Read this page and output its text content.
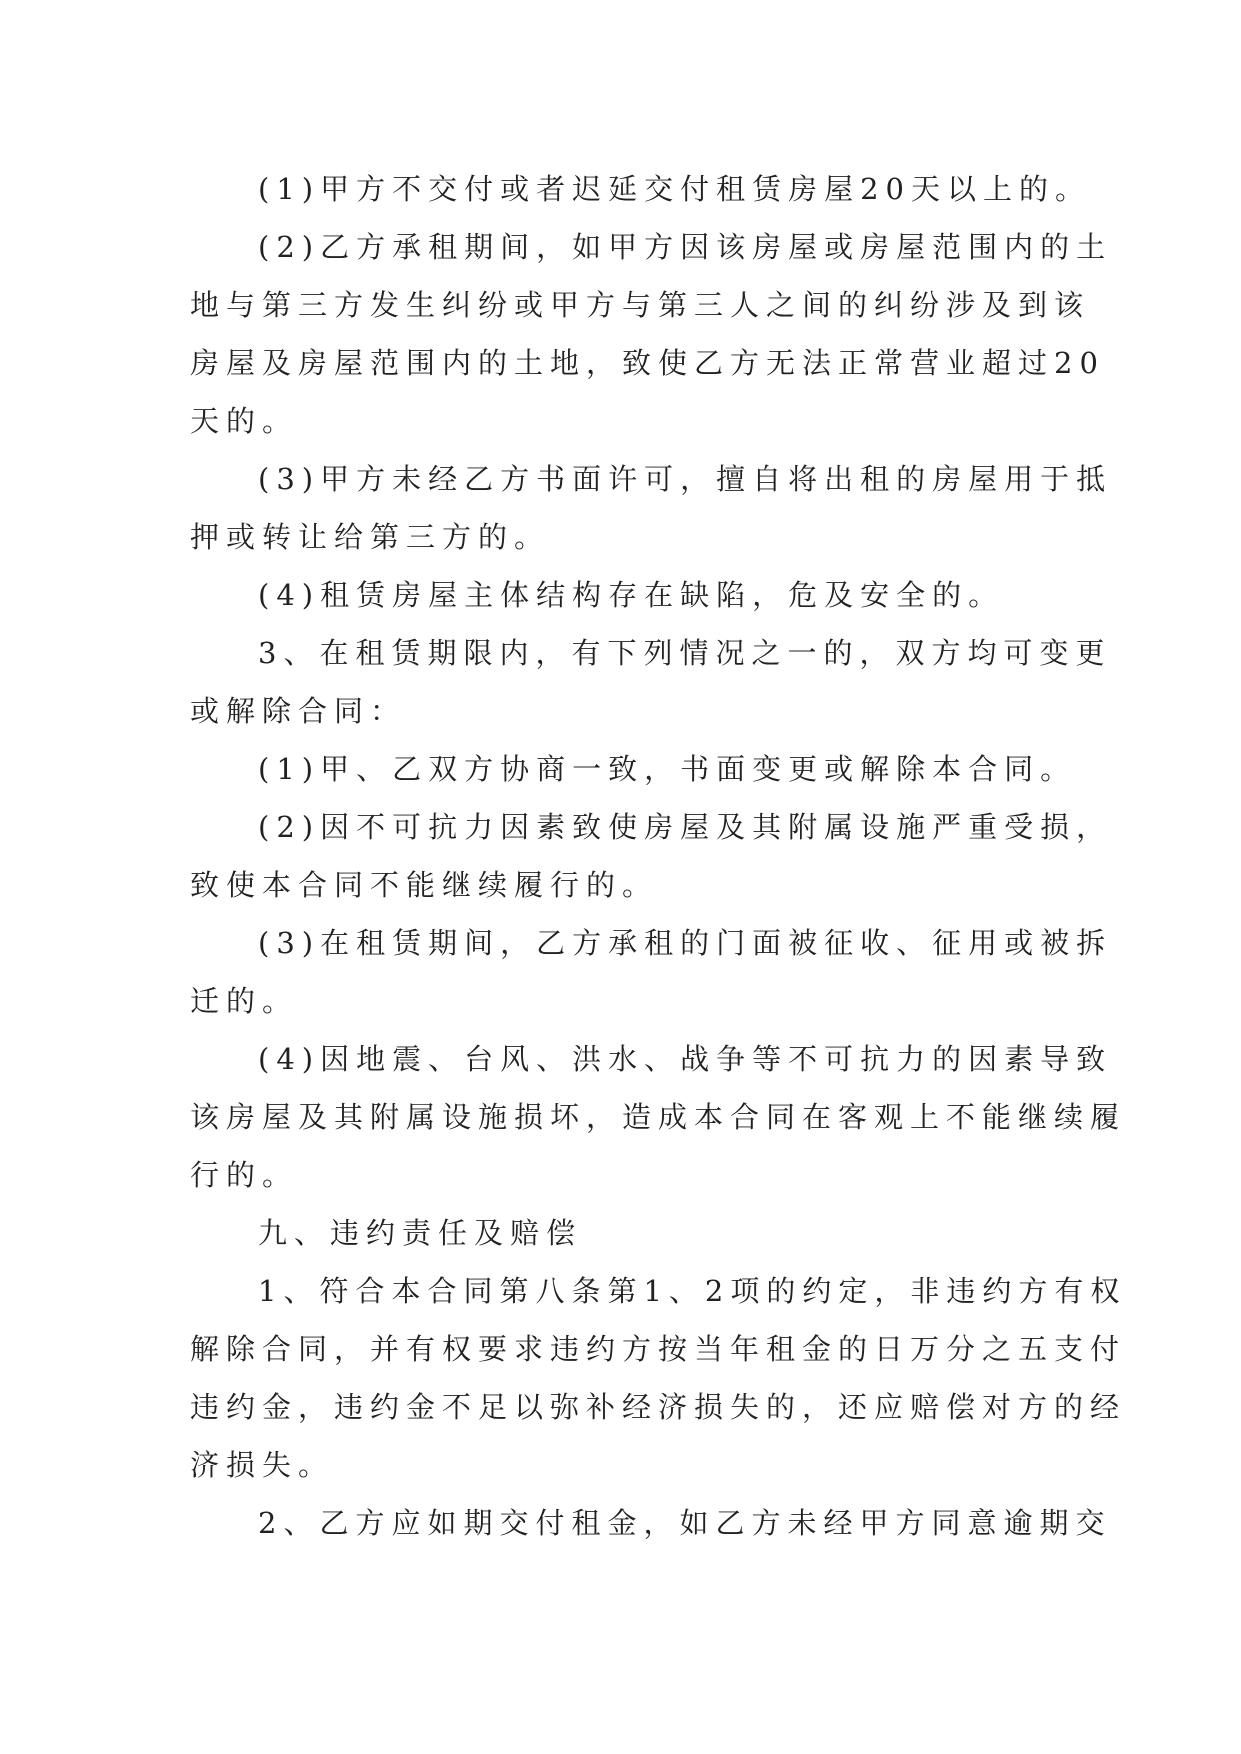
(1)甲方不交付或者迟延交付租赁房屋20天以上的。

(2)乙方承租期间，如甲方因该房屋或房屋范围内的土
地与第三方发生纠纷或甲方与第三人之间的纠纷涉及到该
房屋及房屋范围内的土地，致使乙方无法正常营业超过20
天的。

(3)甲方未经乙方书面许可，擅自将出租的房屋用于抵
押或转让给第三方的。

(4)租赁房屋主体结构存在缺陷，危及安全的。

3、在租赁期限内，有下列情况之一的，双方均可变更
或解除合同：

(1)甲、乙双方协商一致，书面变更或解除本合同。

(2)因不可抗力因素致使房屋及其附属设施严重受损，
致使本合同不能继续履行的。

(3)在租赁期间，乙方承租的门面被征收、征用或被拆
迁的。

(4)因地震、台风、洪水、战争等不可抗力的因素导致
该房屋及其附属设施损坏，造成本合同在客观上不能继续履
行的。

九、违约责任及赔偿

1、符合本合同第八条第1、2项的约定，非违约方有权
解除合同，并有权要求违约方按当年租金的日万分之五支付
违约金，违约金不足以弥补经济损失的，还应赔偿对方的经
济损失。

2、乙方应如期交付租金，如乙方未经甲方同意逾期交
